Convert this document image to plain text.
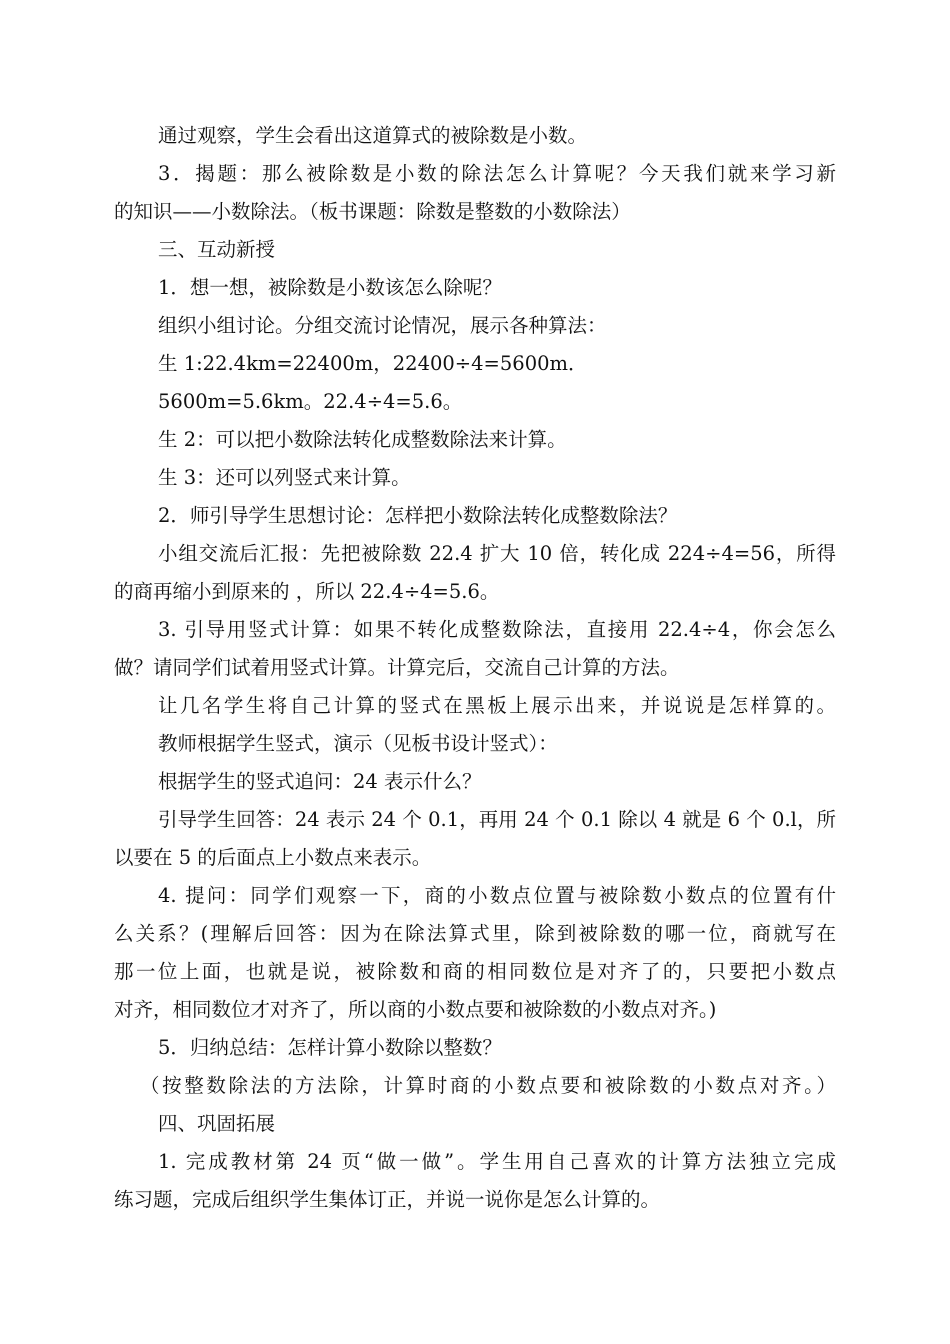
通过观察，学生会看出这道算式的被除数是小数。
3．揭题：那么被除数是小数的除法怎么计算呢？今天我们就来学习新
的知识——小数除法。（板书课题：除数是整数的小数除法）
三、互动新授
1．想一想，被除数是小数该怎么除呢？
组织小组讨论。分组交流讨论情况，展示各种算法：
生 1:22.4km=22400m，22400÷4=5600m．
5600m=5.6km。22.4÷4=5.6。
生 2：可以把小数除法转化成整数除法来计算。
生 3：还可以列竖式来计算。
2．师引导学生思想讨论：怎样把小数除法转化成整数除法？
小组交流后汇报：先把被除数 22.4 扩大 10 倍，转化成 224÷4=56，所得
的商再缩小到原来的 ，所以 22.4÷4=5.6。
3. 引导用竖式计算：如果不转化成整数除法，直接用 22.4÷4，你会怎么
做？请同学们试着用竖式计算。计算完后，交流自己计算的方法。
让几名学生将自己计算的竖式在黑板上展示出来，并说说是怎样算的。
教师根据学生竖式，演示（见板书设计竖式）：
根据学生的竖式追问：24 表示什么？
引导学生回答：24 表示 24 个 0.1，再用 24 个 0.1 除以 4 就是 6 个 0.l，所
以要在 5 的后面点上小数点来表示。
4. 提问：同学们观察一下，商的小数点位置与被除数小数点的位置有什
么关系？(理解后回答：因为在除法算式里，除到被除数的哪一位，商就写在
那一位上面，也就是说，被除数和商的相同数位是对齐了的，只要把小数点
对齐，相同数位才对齐了，所以商的小数点要和被除数的小数点对齐。)
5．归纳总结：怎样计算小数除以整数？
（按整数除法的方法除，计算时商的小数点要和被除数的小数点对齐。）
四、巩固拓展
1. 完成教材第 24 页“做一做”。学生用自己喜欢的计算方法独立完成
练习题，完成后组织学生集体订正，并说一说你是怎么计算的。
